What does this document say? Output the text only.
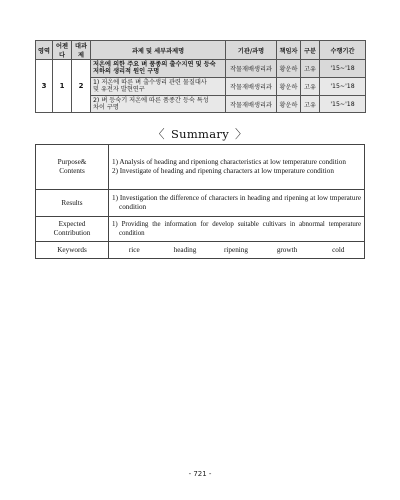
영역	어젠다	대과제	과제 및 세부과제명	기관/과명	책임자	구분	수행기간
3	1	2	저온에 의한 주요 벼 품종의 출수지연 및 등숙
저하의 생리적 원인 구명	작물재배생리과	황운하	고유	'15~'18
			1) 저온에 따른 벼 출수생리 관련 물질대사
및 유전자 발현연구	작물재배생리과	황운하	고유	'15~'18
			2) 벼 등숙기 저온에 따른 품종간 등숙 특성
차이 구명	작물재배생리과	황운하	고유	'15~'18
〈 Summary 〉
Purpose&
Contents	1) Analysis of heading and ripeniong characteristics at low temperature condition
2) Investigate of heading and ripening characters at low tmperature condition				

Results	1) Investigation the difference of characters in heading and ripening at low tmperature condition				

Expected
Contribution	1) Providing the information for develop suitable cultivars in abnormal temperature condition				

Keywords	rice	heading	ripening	growth	cold
- 721 -
